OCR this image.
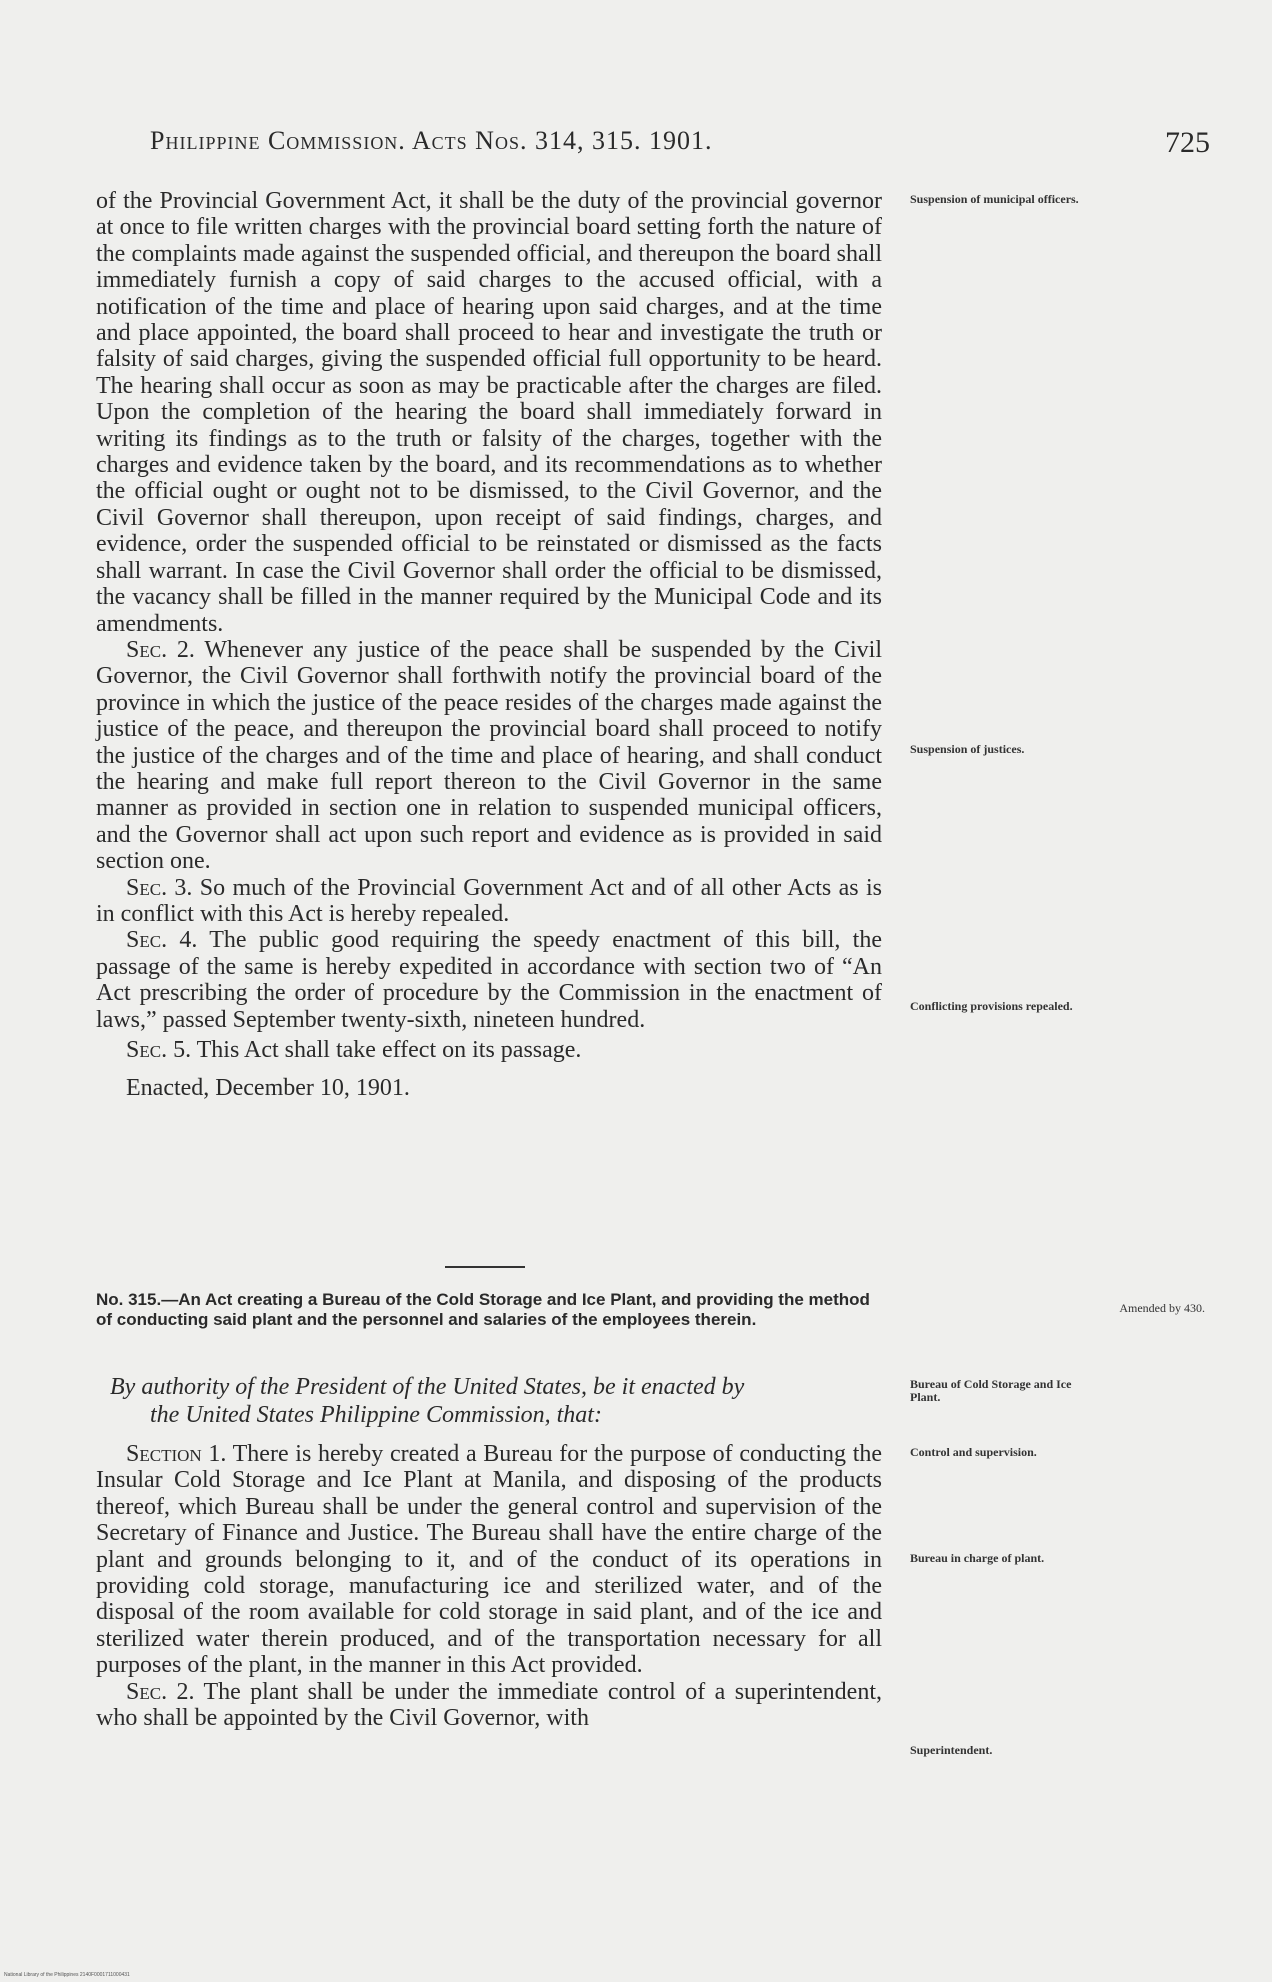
Philippine Commission. Acts Nos. 314, 315. 1901.	725

of the Provincial Government Act, it shall be the duty of the provincial governor at once to file written charges with the provincial board setting forth the nature of the complaints made against the suspended official, and thereupon the board shall immediately furnish a copy of said charges to the accused official, with a notification of the time and place of hearing upon said charges, and at the time and place appointed, the board shall proceed to hear and investigate the truth or falsity of said charges, giving the suspended official full opportunity to be heard. The hearing shall occur as soon as may be practicable after the charges are filed. Upon the completion of the hearing the board shall immediately forward in writing its findings as to the truth or falsity of the charges, together with the charges and evidence taken by the board, and its recommendations as to whether the official ought or ought not to be dismissed, to the Civil Governor, and the Civil Governor shall thereupon, upon receipt of said findings, charges, and evidence, order the suspended official to be reinstated or dismissed as the facts shall warrant. In case the Civil Governor shall order the official to be dismissed, the vacancy shall be filled in the manner required by the Municipal Code and its amendments.

Sec. 2. Whenever any justice of the peace shall be suspended by the Civil Governor, the Civil Governor shall forthwith notify the provincial board of the province in which the justice of the peace resides of the charges made against the justice of the peace, and thereupon the provincial board shall proceed to notify the justice of the charges and of the time and place of hearing, and shall conduct the hearing and make full report thereon to the Civil Governor in the same manner as provided in section one in relation to suspended municipal officers, and the Governor shall act upon such report and evidence as is provided in said section one.

Sec. 3. So much of the Provincial Government Act and of all other Acts as is in conflict with this Act is hereby repealed.

Sec. 4. The public good requiring the speedy enactment of this bill, the passage of the same is hereby expedited in accordance with section two of “An Act prescribing the order of procedure by the Commission in the enactment of laws,” passed September twenty-sixth, nineteen hundred.

Sec. 5. This Act shall take effect on its passage.

Enacted, December 10, 1901.

No. 315.—An Act creating a Bureau of the Cold Storage and Ice Plant, and providing the method of conducting said plant and the personnel and salaries of the employees therein.
By authority of the President of the United States, be it enacted by
the United States Philippine Commission, that:

Section 1. There is hereby created a Bureau for the purpose of conducting the Insular Cold Storage and Ice Plant at Manila, and disposing of the products thereof, which Bureau shall be under the general control and supervision of the Secretary of Finance and Justice. The Bureau shall have the entire charge of the plant and grounds belonging to it, and of the conduct of its operations in providing cold storage, manufacturing ice and sterilized water, and of the disposal of the room available for cold storage in said plant, and of the ice and sterilized water therein produced, and of the transportation necessary for all purposes of the plant, in the manner in this Act provided.

Sec. 2. The plant shall be under the immediate control of a superintendent, who shall be appointed by the Civil Governor, with

Suspension of municipal officers.
Suspension of justices.
Conflicting provisions repealed.
Amended by 430.
Bureau of Cold Storage and Ice Plant.
Control and supervision.
Bureau in charge of plant.
Superintendent.
National Library of the Philippines 2140F0001711000431
